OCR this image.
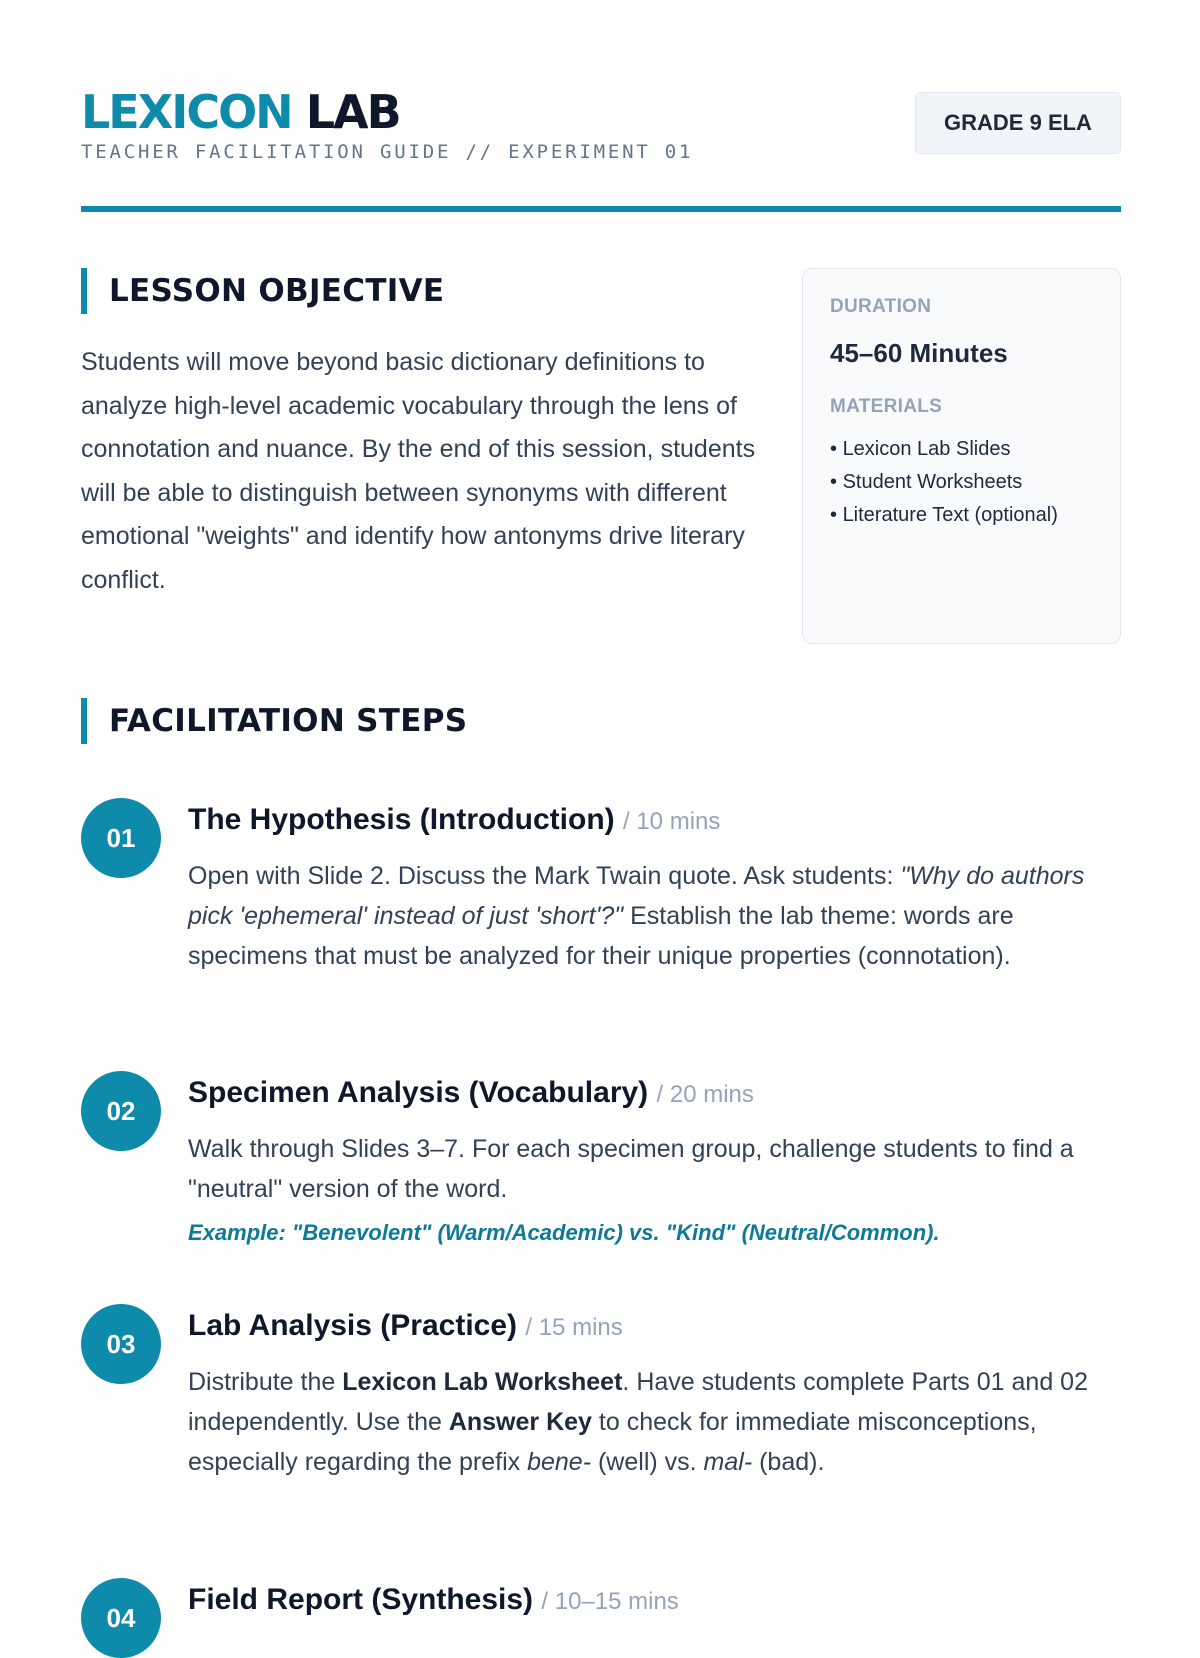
LEXICON LAB
TEACHER FACILITATION GUIDE // EXPERIMENT 01
GRADE 9 ELA
LESSON OBJECTIVE

Students will move beyond basic dictionary definitions to analyze high-level academic vocabulary through the lens of connotation and nuance. By the end of this session, students will be able to distinguish between synonyms with different emotional "weights" and identify how antonyms drive literary conflict.

DURATION
45–60 Minutes
MATERIALS
• Lexicon Lab Slides
• Student Worksheets
• Literature Text (optional)
FACILITATION STEPS
01
The Hypothesis (Introduction) / 10 mins

Open with Slide 2. Discuss the Mark Twain quote. Ask students: "Why do authors pick 'ephemeral' instead of just 'short'?" Establish the lab theme: words are specimens that must be analyzed for their unique properties (connotation).

02
Specimen Analysis (Vocabulary) / 20 mins

Walk through Slides 3–7. For each specimen group, challenge students to find a "neutral" version of the word.

Example: "Benevolent" (Warm/Academic) vs. "Kind" (Neutral/Common).
03
Lab Analysis (Practice) / 15 mins

Distribute the Lexicon Lab Worksheet. Have students complete Parts 01 and 02 independently. Use the Answer Key to check for immediate misconceptions, especially regarding the prefix bene- (well) vs. mal- (bad).

04
Field Report (Synthesis) / 10–15 mins
